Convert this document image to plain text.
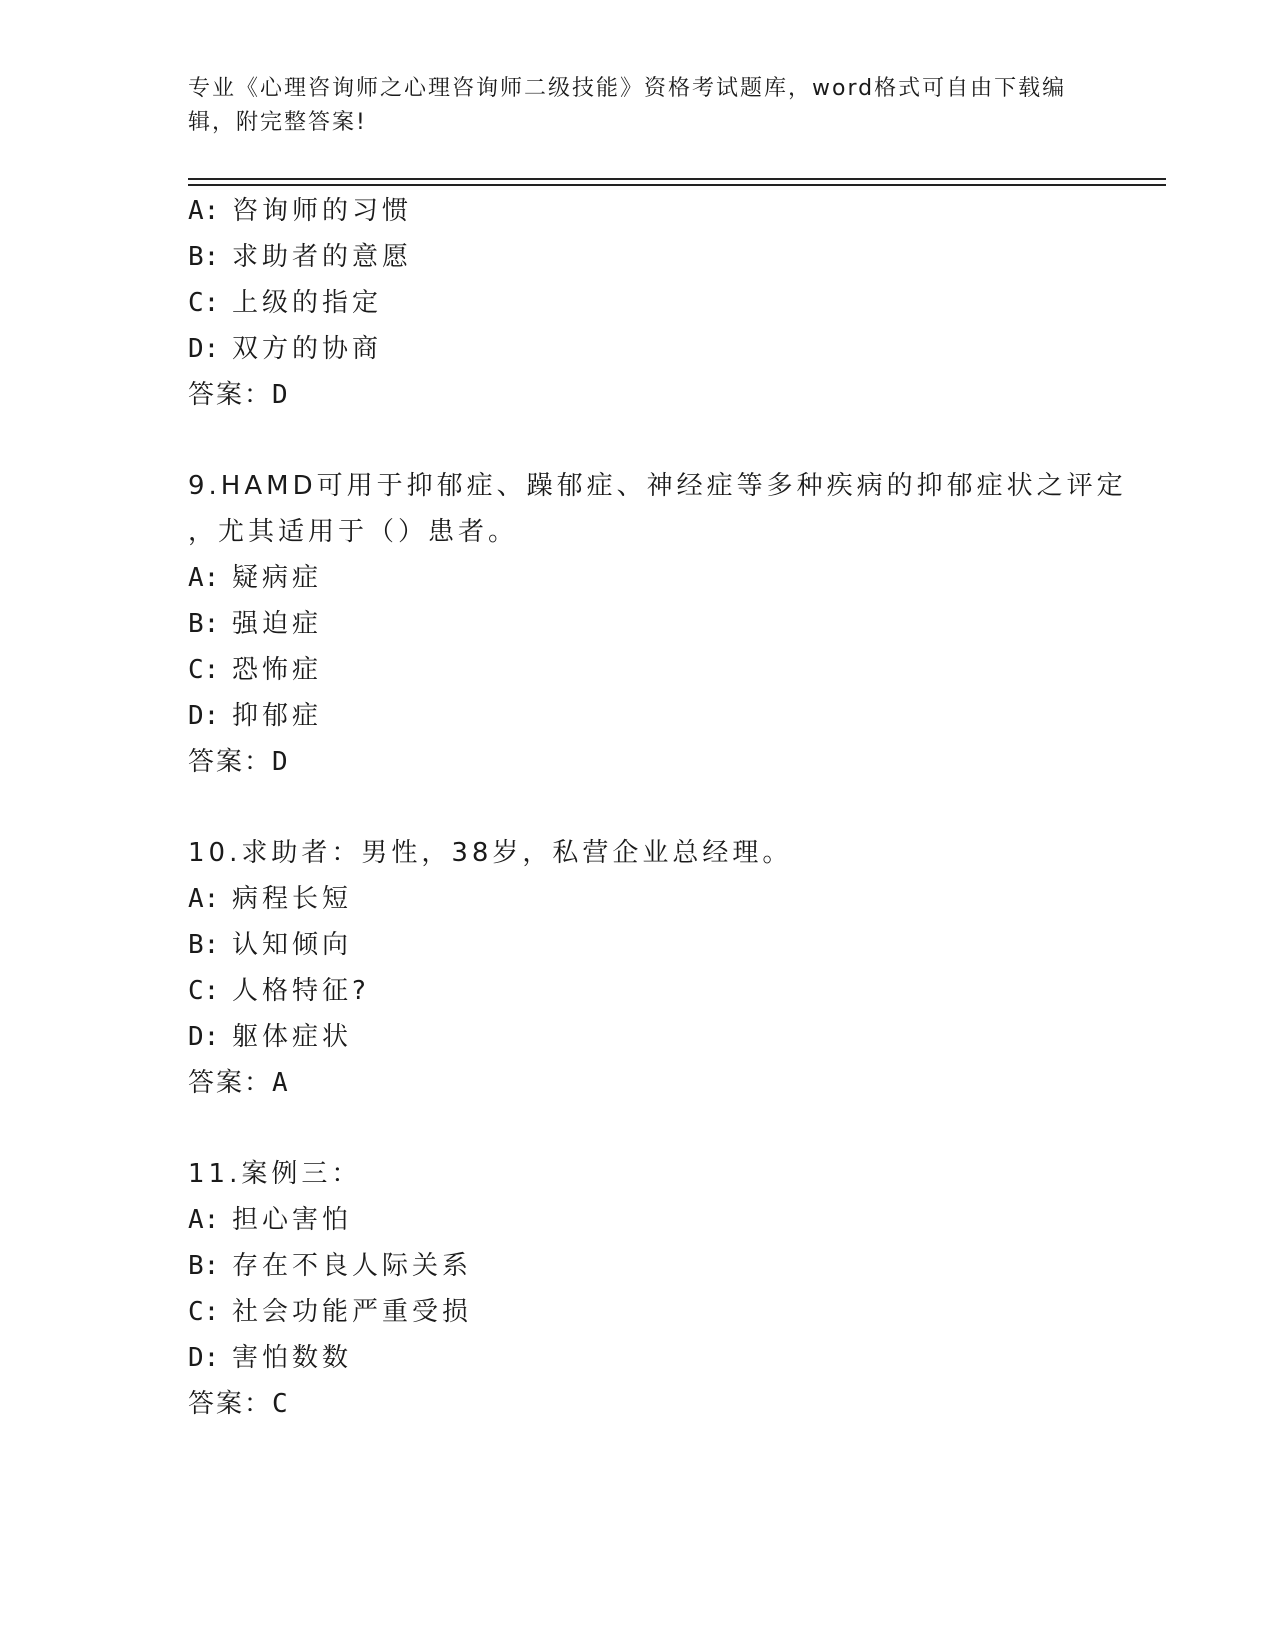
专业《心理咨询师之心理咨询师二级技能》资格考试题库，word格式可自由下载编辑，附完整答案!
A: 咨询师的习惯
B: 求助者的意愿
C: 上级的指定
D: 双方的协商
答案：D
9.HAMD可用于抑郁症、躁郁症、神经症等多种疾病的抑郁症状之评定
，尤其适用于（）患者。
A: 疑病症
B: 强迫症
C: 恐怖症
D: 抑郁症
答案：D
10.求助者：男性，38岁，私营企业总经理。
A: 病程长短
B: 认知倾向
C: 人格特征?
D: 躯体症状
答案：A
11.案例三：
A: 担心害怕
B: 存在不良人际关系
C: 社会功能严重受损
D: 害怕数数
答案：C
